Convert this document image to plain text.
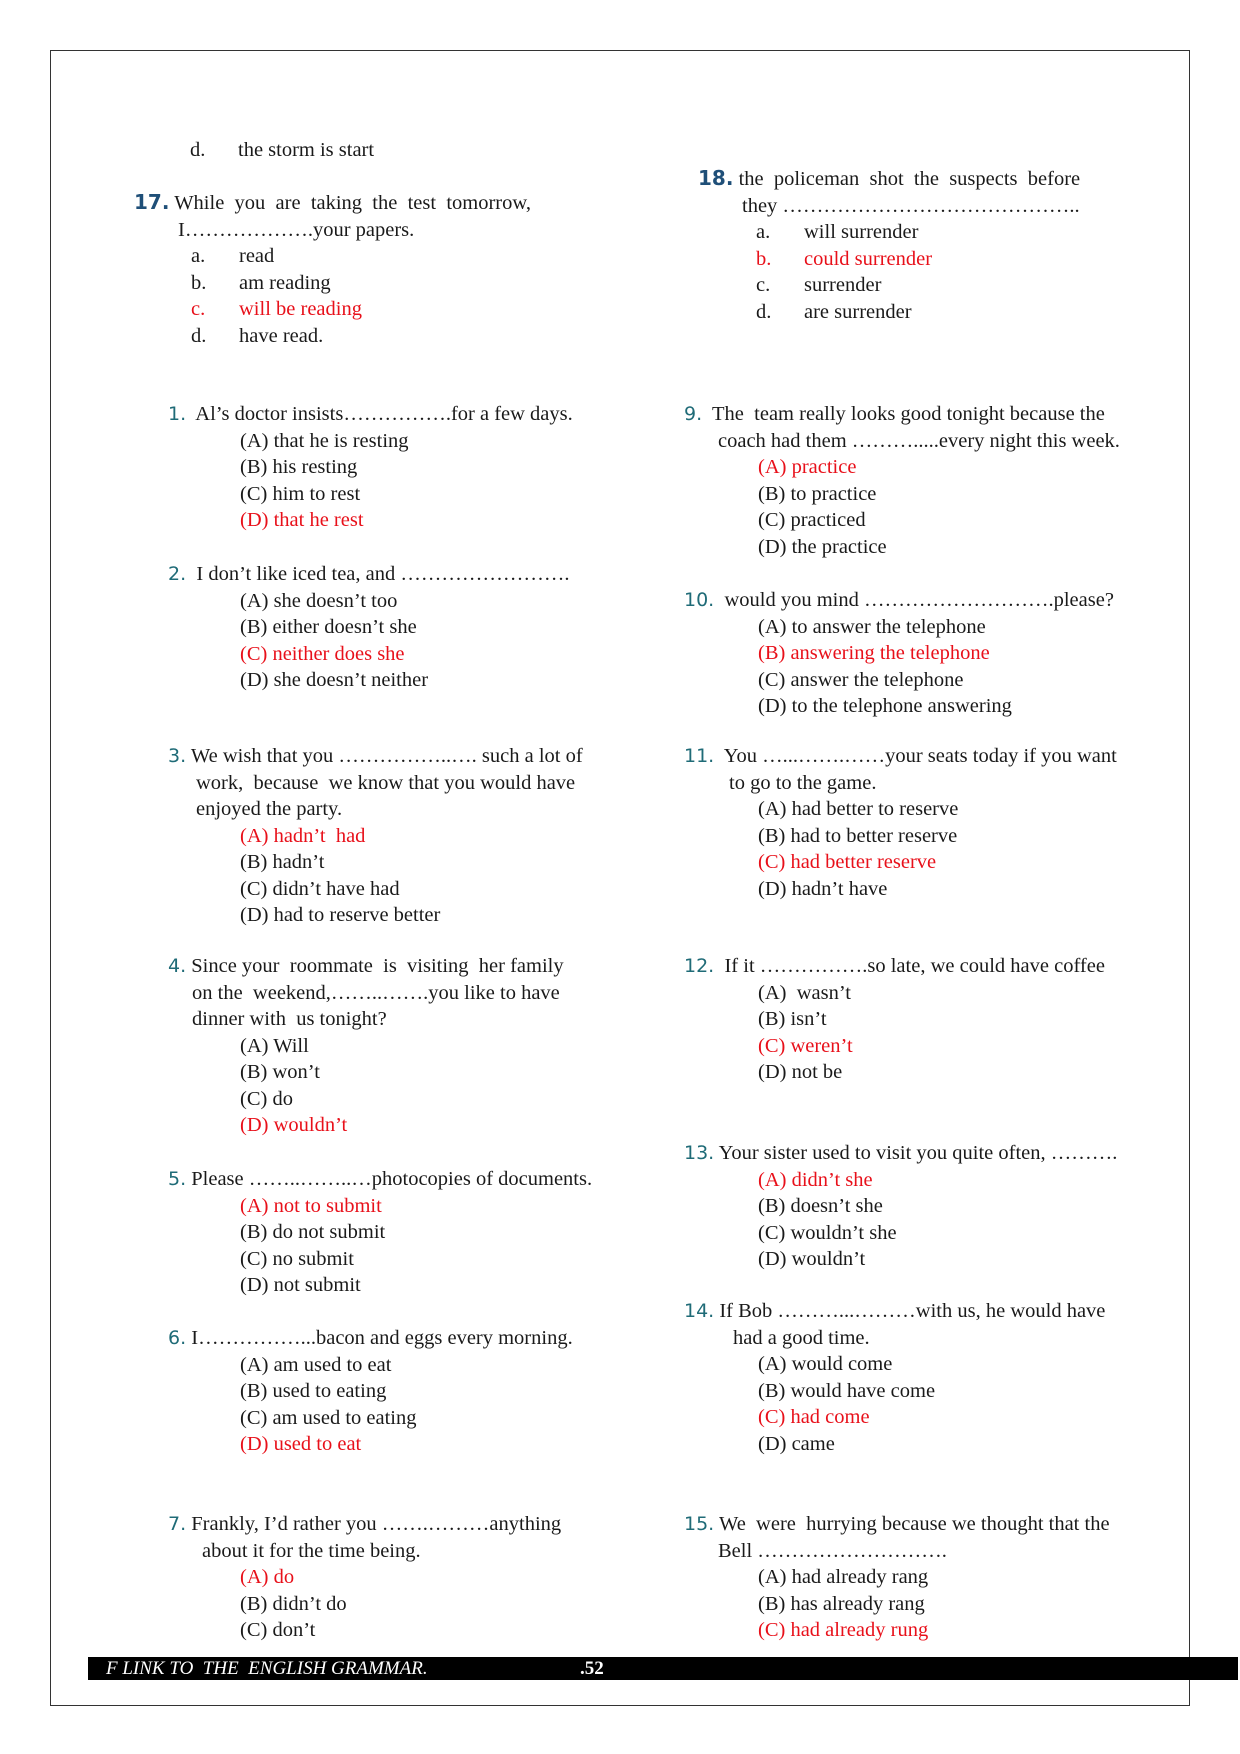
d. the storm is start
17. While  you  are  taking  the  test  tomorrow,
I……………….your papers.
a. read
b. am reading
c. will be reading
d. have read.
18. the  policeman  shot  the  suspects  before
they ……………………………………..
a. will surrender
b. could surrender
c. surrender
d. are surrender
1. Al’s doctor insists…………….for a few days.
(A) that he is resting
(B) his resting
(C) him to rest
(D) that he rest
2. I don’t like iced tea, and …………………….
(A) she doesn’t too
(B) either doesn’t she
(C) neither does she
(D) she doesn’t neither
3. We wish that you ……………..…. such a lot of
work,  because  we know that you would have
enjoyed the party.
(A) hadn’t  had
(B) hadn’t
(C) didn’t have had
(D) had to reserve better
4. Since your  roommate  is  visiting  her family
on the  weekend,……..…….you like to have
dinner with  us tonight?
(A) Will
(B) won’t
(C) do
(D) wouldn’t
5. Please ……..……..…photocopies of documents.
(A) not to submit
(B) do not submit
(C) no submit
(D) not submit
6. I……………...bacon and eggs every morning.
(A) am used to eat
(B) used to eating
(C) am used to eating
(D) used to eat
7. Frankly, I’d rather you …….………anything
about it for the time being.
(A) do
(B) didn’t do
(C) don’t
9. The  team really looks good tonight because the
coach had them ……….....every night this week.
(A) practice
(B) to practice
(C) practiced
(D) the practice
10. would you mind ……………………….please?
(A) to answer the telephone
(B) answering the telephone
(C) answer the telephone
(D) to the telephone answering
11. You …...…….……your seats today if you want
to go to the game.
(A) had better to reserve
(B) had to better reserve
(C) had better reserve
(D) hadn’t have
12. If it …………….so late, we could have coffee
(A)  wasn’t
(B) isn’t
(C) weren’t
(D) not be
13. Your sister used to visit you quite often, ……….
(A) didn’t she
(B) doesn’t she
(C) wouldn’t she
(D) wouldn’t
14. If Bob ………...………with us, he would have
had a good time.
(A) would come
(B) would have come
(C) had come
(D) came
15. We  were  hurrying because we thought that the
Bell ……………………….
(A) had already rang
(B) has already rang
(C) had already rung
F LINK TO  THE  ENGLISH GRAMMAR.	.52
